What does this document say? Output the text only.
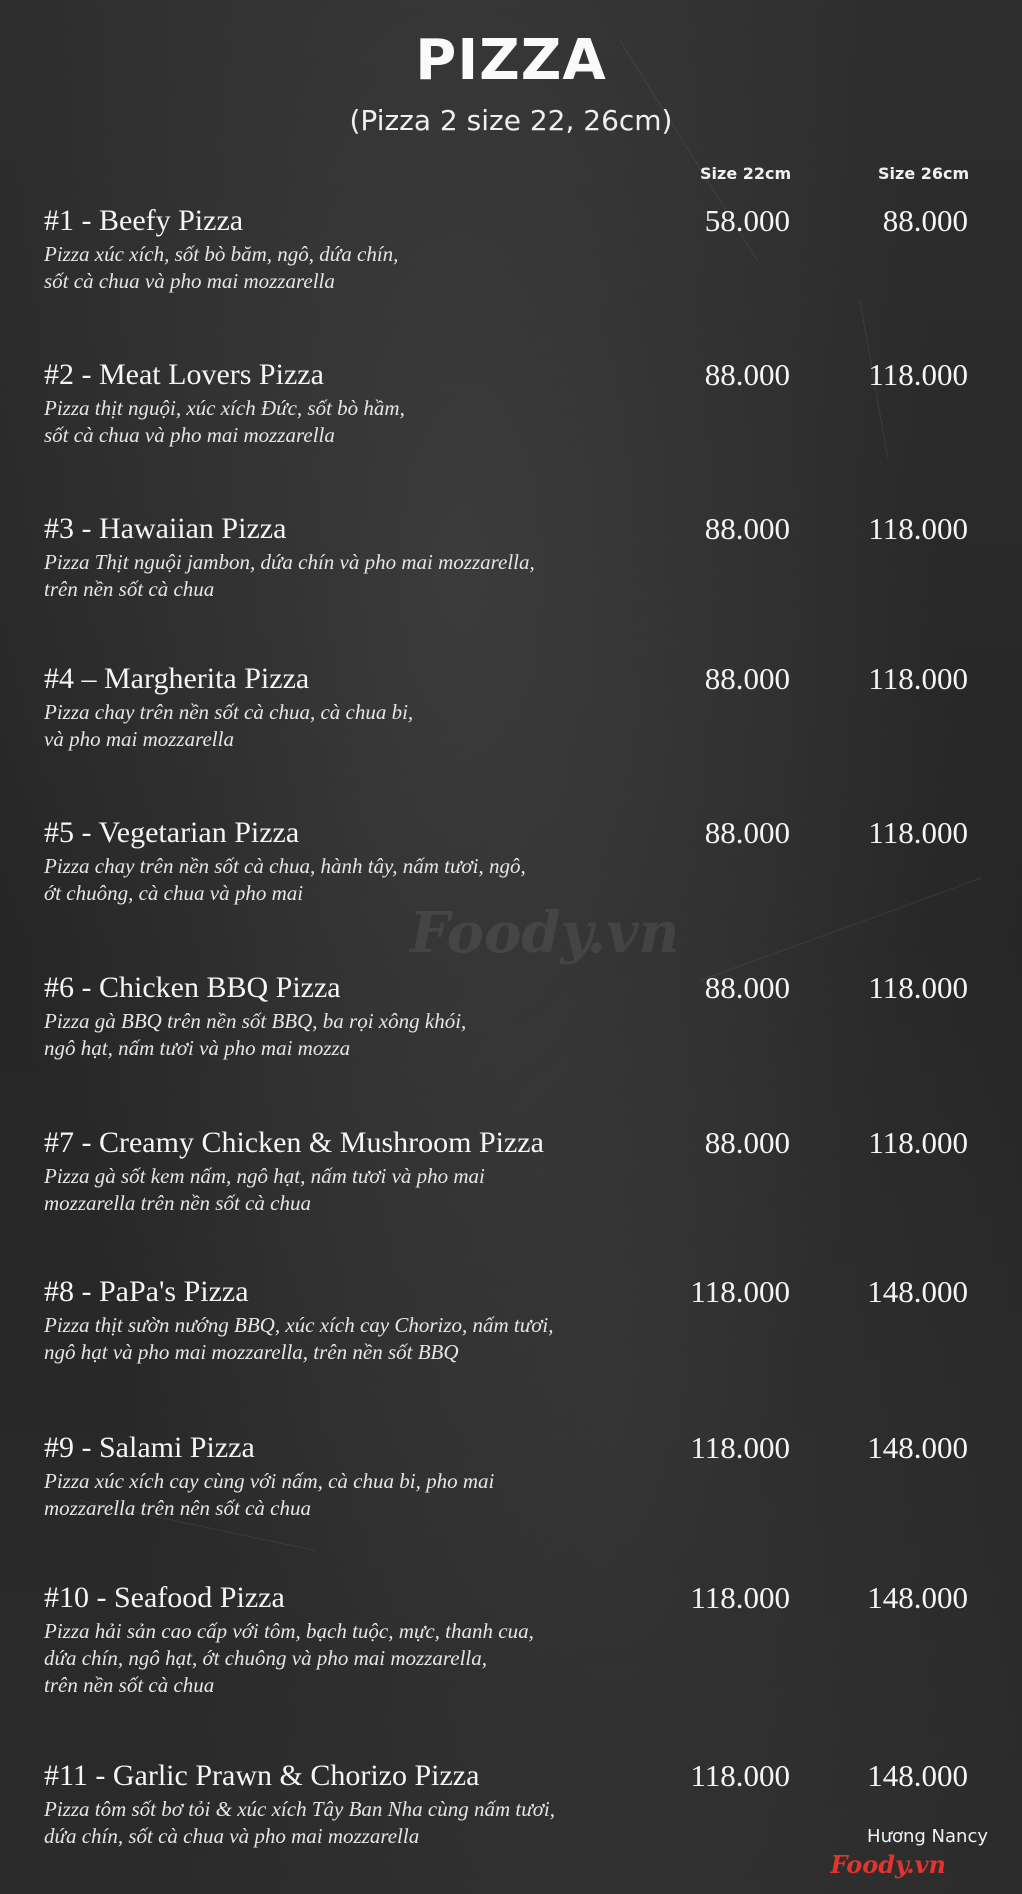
Foody.vn
PIZZA
(Pizza 2 size 22, 26cm)
Size 22cm	Size 26cm
#1 - Beefy Pizza
Pizza xúc xích, sốt bò băm, ngô, dứa chín,
sốt cà chua và pho mai mozzarella
58.000	88.000
#2 - Meat Lovers Pizza
Pizza thịt nguội, xúc xích Đức, sốt bò hầm,
sốt cà chua và pho mai mozzarella
88.000	118.000
#3 - Hawaiian Pizza
Pizza Thịt nguội jambon, dứa chín và pho mai mozzarella,
trên nền sốt cà chua
88.000	118.000
#4 – Margherita Pizza
Pizza chay trên nền sốt cà chua, cà chua bi,
và pho mai mozzarella
88.000	118.000
#5 - Vegetarian Pizza
Pizza chay trên nền sốt cà chua, hành tây, nấm tươi, ngô,
ớt chuông, cà chua và pho mai
88.000	118.000
#6 - Chicken BBQ Pizza
Pizza gà BBQ trên nền sốt BBQ, ba rọi xông khói,
ngô hạt, nấm tươi và pho mai mozza
88.000	118.000
#7 - Creamy Chicken & Mushroom Pizza
Pizza gà sốt kem nấm, ngô hạt, nấm tươi và pho mai
mozzarella trên nền sốt cà chua
88.000	118.000
#8 - PaPa's Pizza
Pizza thịt sườn nướng BBQ, xúc xích cay Chorizo, nấm tươi,
ngô hạt và pho mai mozzarella, trên nền sốt BBQ
118.000	148.000
#9 - Salami Pizza
Pizza xúc xích cay cùng với nấm, cà chua bi, pho mai
mozzarella trên nên sốt cà chua
118.000	148.000
#10 - Seafood Pizza
Pizza hải sản cao cấp với tôm, bạch tuộc, mực, thanh cua,
dứa chín, ngô hạt, ớt chuông và pho mai mozzarella,
trên nền sốt cà chua
118.000	148.000
#11 - Garlic Prawn & Chorizo Pizza
Pizza tôm sốt bơ tỏi & xúc xích Tây Ban Nha cùng nấm tươi,
dứa chín, sốt cà chua và pho mai mozzarella
118.000	148.000
Hương Nancy
Foody.vn
